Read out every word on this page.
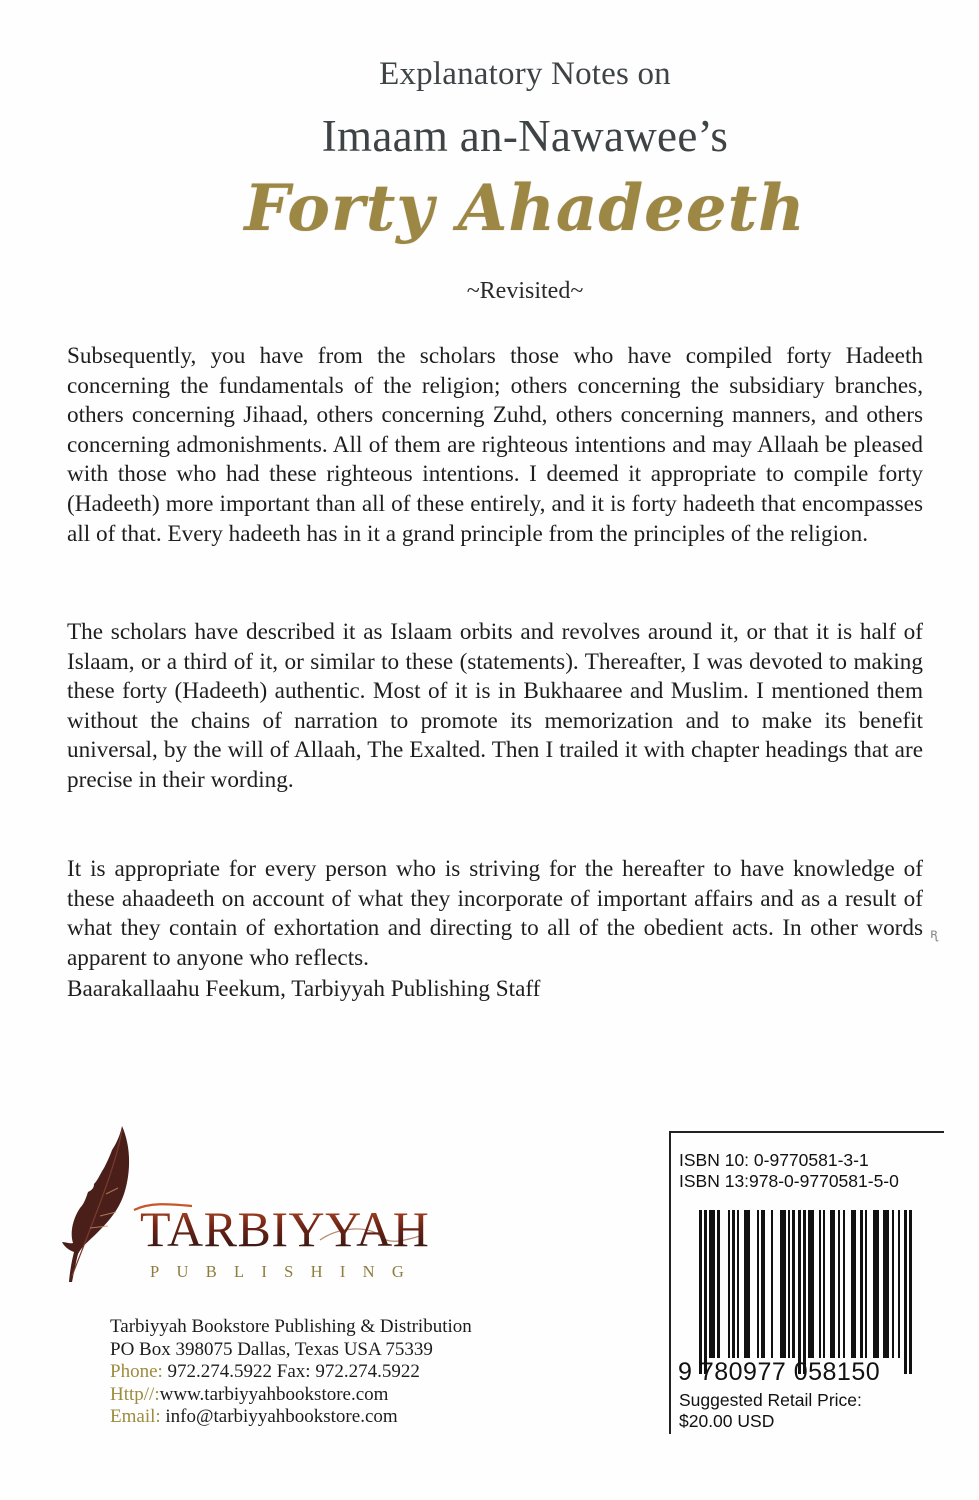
Explanatory Notes on
Imaam an-Nawawee’s
Forty Ahadeeth
~Revisited~

Subsequently, you have from the scholars those who have compiled forty Hadeeth concerning the fundamentals of the religion; others concerning the subsidiary branches, others concerning Jihaad, others concerning Zuhd, others concerning manners, and others concerning admonishments. All of them are righteous intentions and may Allaah be pleased with those who had these righteous intentions. I deemed it appropriate to compile forty (Hadeeth) more important than all of these entirely, and it is forty hadeeth that encompasses all of that. Every hadeeth has in it a grand principle from the principles of the religion.

The scholars have described it as Islaam orbits and revolves around it, or that it is half of Islaam, or a third of it, or similar to these (statements). Thereafter, I was devoted to making these forty (Hadeeth) authentic. Most of it is in Bukhaaree and Muslim. I mentioned them without the chains of narration to promote its memorization and to make its benefit universal, by the will of Allaah, The Exalted. Then I trailed it with chapter headings that are precise in their wording.

It is appropriate for every person who is striving for the hereafter to have knowledge of these ahaadeeth on account of what they incorporate of important affairs and as a result of what they contain of exhortation and directing to all of the obedient acts. In other words apparent to anyone who reflects.

Baarakallaahu Feekum, Tarbiyyah Publishing Staff
ꭆ
TARBIYYAH
PUBLISHING
Tarbiyyah Bookstore Publishing & Distribution
PO Box 398075 Dallas, Texas USA 75339
Phone: 972.274.5922 Fax: 972.274.5922
Http//:www.tarbiyyahbookstore.com
Email: info@tarbiyyahbookstore.com
ISBN 10: 0-9770581-3-1
ISBN 13:978-0-9770581-5-0
9 780977 058150
Suggested Retail Price:
$20.00 USD
